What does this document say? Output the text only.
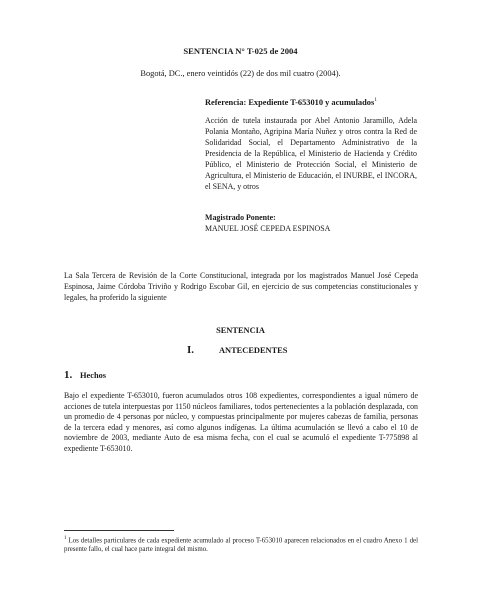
SENTENCIA N° T-025 de 2004
Bogotá, DC., enero veintidós (22) de dos mil cuatro (2004).
Referencia: Expediente T-653010 y acumulados$^1$
Acción de tutela instaurada por Abel Antonio Jaramillo, Adela Polania Montaño, Agripina María Nuñez y otros contra la Red de Solidaridad Social, el Departamento Administrativo de la Presidencia de la República, el Ministerio de Hacienda y Crédito Público, el Ministerio de Protección Social, el Ministerio de Agricultura, el Ministerio de Educación, el INURBE, el INCORA, el SENA, y otros
Magistrado Ponente:
MANUEL JOSÉ CEPEDA ESPINOSA
La Sala Tercera de Revisión de la Corte Constitucional, integrada por los magistrados Manuel José Cepeda Espinosa, Jaime Córdoba Triviño y Rodrigo Escobar Gil, en ejercicio de sus competencias constitucionales y legales, ha proferido la siguiente
SENTENCIA
I.	ANTECEDENTES
1. Hechos
Bajo el expediente T-653010, fueron acumulados otros 108 expedientes, correspondientes a igual número de acciones de tutela interpuestas por 1150 núcleos familiares, todos pertenecientes a la población desplazada, con un promedio de 4 personas por núcleo, y compuestas principalmente por mujeres cabezas de familia, personas de la tercera edad y menores, así como algunos indígenas. La última acumulación se llevó a cabo el 10 de noviembre de 2003, mediante Auto de esa misma fecha, con el cual se acumuló el expediente T-775898 al expediente T-653010.
$^1$ Los detalles particulares de cada expediente acumulado al proceso T-653010 aparecen relacionados en el cuadro Anexo 1 del presente fallo, el cual hace parte integral del mismo.
